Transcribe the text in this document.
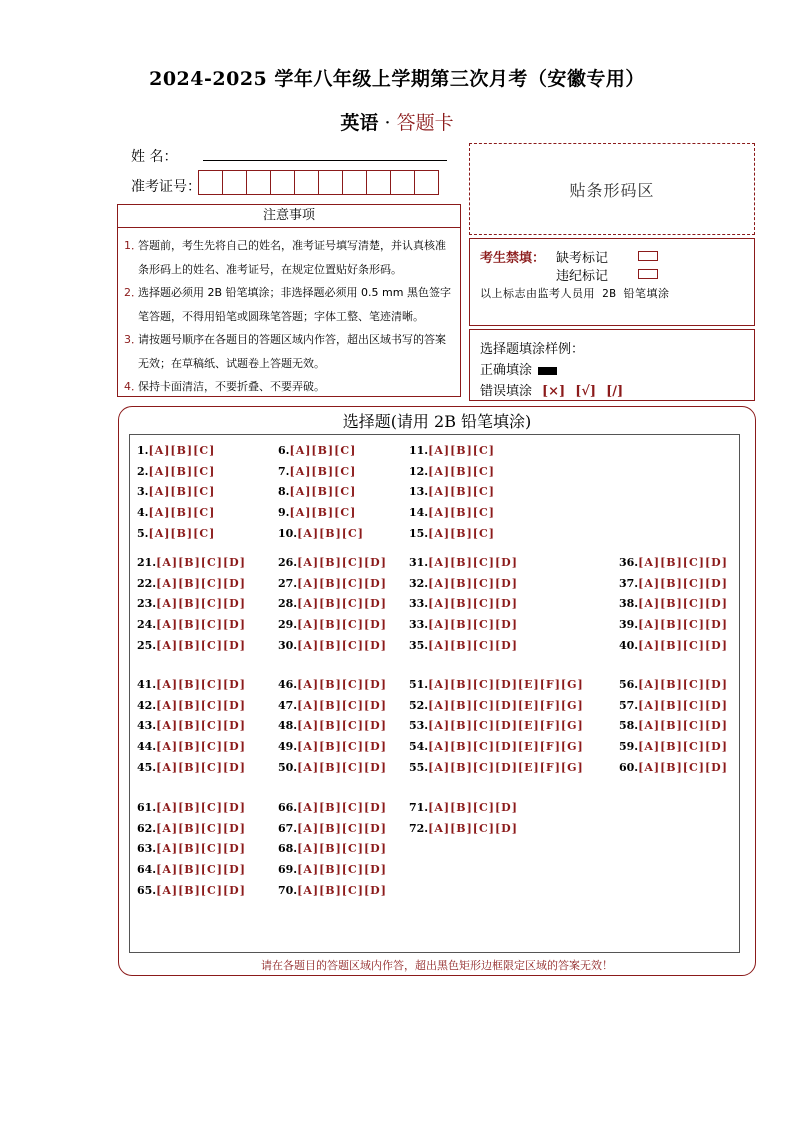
2024-2025 学年八年级上学期第三次月考（安徽专用）
英语 · 答题卡
姓 名：
准考证号：	贴条形码区
注意事项
1．
答题前，考生先将自己的姓名，准考证号填写清楚，并认真核准条形码上的姓名、准考证号，在规定位置贴好条形码。
2．
选择题必须用 2B 铅笔填涂；非选择题必须用 0.5 mm 黑色签字笔答题，不得用铅笔或圆珠笔答题；字体工整、笔迹清晰。
3．
请按题号顺序在各题目的答题区域内作答，超出区域书写的答案无效；在草稿纸、试题卷上答题无效。
4．
保持卡面清洁，不要折叠、不要弄破。
考生禁填： 缺考标记
违纪标记
以上标志由监考人员用 2B 铅笔填涂
选择题填涂样例：
正确填涂
错误填涂 [×] [√] [/]
选择题(请用 2B 铅笔填涂)
1.[A][B][C]
2.[A][B][C]
3.[A][B][C]
4.[A][B][C]
5.[A][B][C]
6.[A][B][C]
7.[A][B][C]
8.[A][B][C]
9.[A][B][C]
10.[A][B][C]
11.[A][B][C]
12.[A][B][C]
13.[A][B][C]
14.[A][B][C]
15.[A][B][C]
21.[A][B][C][D]
22.[A][B][C][D]
23.[A][B][C][D]
24.[A][B][C][D]
25.[A][B][C][D]
26.[A][B][C][D]
27.[A][B][C][D]
28.[A][B][C][D]
29.[A][B][C][D]
30.[A][B][C][D]
31.[A][B][C][D]
32.[A][B][C][D]
33.[A][B][C][D]
33.[A][B][C][D]
35.[A][B][C][D]
36.[A][B][C][D]
37.[A][B][C][D]
38.[A][B][C][D]
39.[A][B][C][D]
40.[A][B][C][D]
41.[A][B][C][D]
42.[A][B][C][D]
43.[A][B][C][D]
44.[A][B][C][D]
45.[A][B][C][D]
46.[A][B][C][D]
47.[A][B][C][D]
48.[A][B][C][D]
49.[A][B][C][D]
50.[A][B][C][D]
51.[A][B][C][D][E][F][G]
52.[A][B][C][D][E][F][G]
53.[A][B][C][D][E][F][G]
54.[A][B][C][D][E][F][G]
55.[A][B][C][D][E][F][G]
56.[A][B][C][D]
57.[A][B][C][D]
58.[A][B][C][D]
59.[A][B][C][D]
60.[A][B][C][D]
61.[A][B][C][D]
62.[A][B][C][D]
63.[A][B][C][D]
64.[A][B][C][D]
65.[A][B][C][D]
66.[A][B][C][D]
67.[A][B][C][D]
68.[A][B][C][D]
69.[A][B][C][D]
70.[A][B][C][D]
71.[A][B][C][D]
72.[A][B][C][D]
请在各题目的答题区域内作答，超出黑色矩形边框限定区域的答案无效！
